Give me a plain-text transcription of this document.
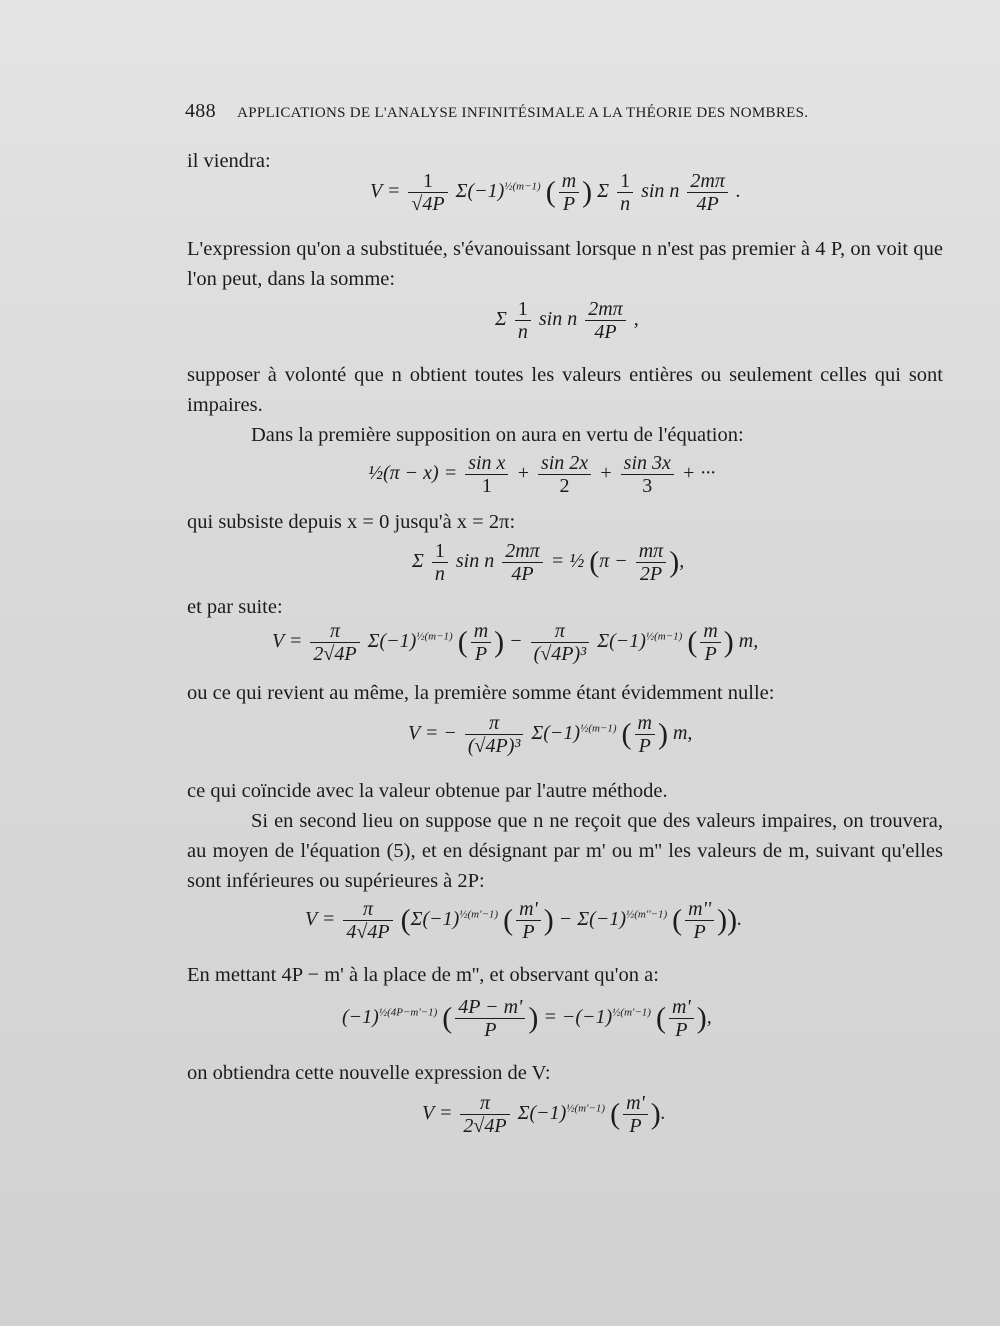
488 APPLICATIONS DE L'ANALYSE INFINITÉSIMALE A LA THÉORIE DES NOMBRES.
il viendra:
$V = \frac{1}{√4P} \Sigma(-1)^{\frac{1}{2}(m-1)}$ ( $\frac{m}{P}$ ) Σ $\frac{1}{n}$ sin n $\frac{2m\pi}{4P}$ .
L'expression qu'on a substituée, s'évanouissant lorsque n n'est pas premier à 4 P, on voit que l'on peut, dans la somme:
Σ $\frac{1}{n}$ sin n $\frac{2m\pi}{4P}$ ,
supposer à volonté que n obtient toutes les valeurs entières ou seulement celles qui sont impaires.
Dans la première supposition on aura en vertu de l'équation:
½(π − $x) = \frac{\text{sin x}}{1} + \frac{\sin 2x}{2} + \frac{\sin 3x}{3}$ + ···
qui subsiste depuis x = 0 jusqu'à x = 2π:
Σ $\frac{1}{n}$ sin n $\frac{2m\pi}{4P}$ = ½ ($\pi - \frac{m\pi}{2P}$ ),
et par suite:
$V = \frac{\pi}{2√4P} \Sigma(-1)^{\frac{1}{2}(m-1)}$ ( $\frac{m}{P}$ ) − $\frac{\pi}{\text{(√4P)³}} \Sigma(-1)^{\frac{1}{2}(m-1)}$ ( $\frac{m}{P}$ ) m,
ou ce qui revient au même, la première somme étant évidemment nulle:
V = − $\frac{\pi}{\text{(√4P)³}} \Sigma(-1)^{\frac{1}{2}(m-1)}$ ( $\frac{m}{P}$ ) m,
ce qui coïncide avec la valeur obtenue par l'autre méthode.
Si en second lieu on suppose que n ne reçoit que des valeurs impaires, on trouvera, au moyen de l'équation (5), et en désignant par m' ou m'' les valeurs de m, suivant qu'elles sont inférieures ou supérieures à 2P:
$V = \frac{\pi}{4√4P} (\Sigma(-1)^{\frac{1}{2}(m'-1)}$ ( $\frac{m'}{P}$ ) − $\Sigma(-1)^{\frac{1}{2}(m''-1)}$ ( $\frac{m''}{P}$ )).
En mettant 4P − m' à la place de m'', et observant qu'on a:
$(-1)^{\frac{1}{2}(4P-m'-1)}$ ( $\frac{4P - m'}{P}$ ) = $-(-1)^{\frac{1}{2}(m'-1)}$ ( $\frac{m'}{P}$ ),
on obtiendra cette nouvelle expression de V:
$V = \frac{\pi}{2√4P} \Sigma(-1)^{\frac{1}{2}(m'-1)}$ ( $\frac{m'}{P}$ ).
